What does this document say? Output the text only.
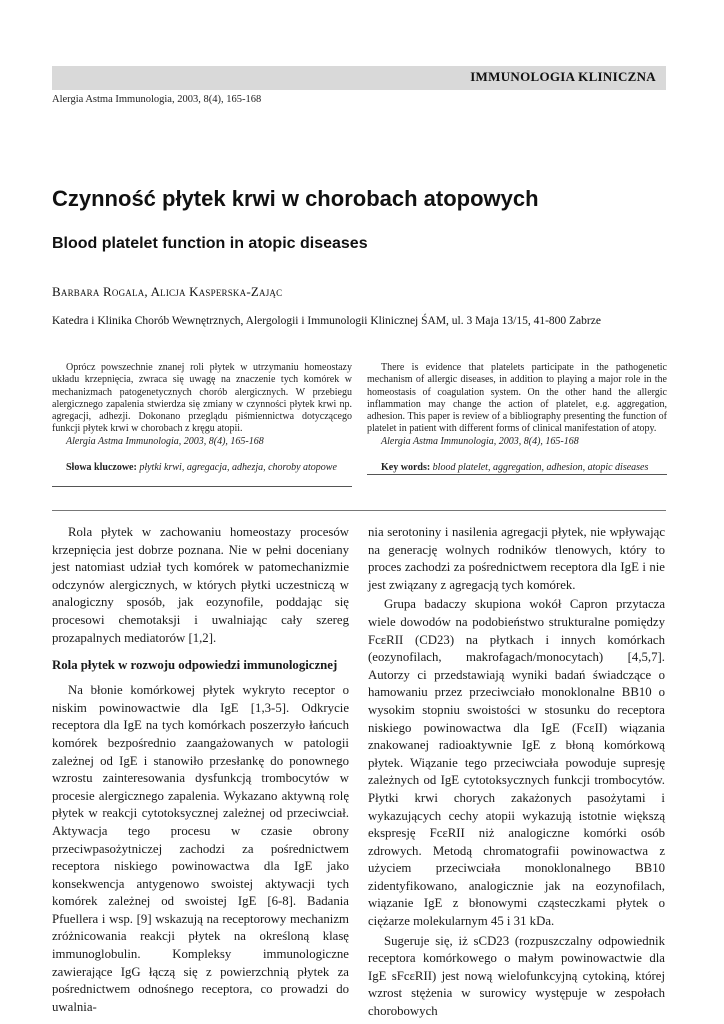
IMMUNOLOGIA KLINICZNA
Alergia Astma Immunologia, 2003, 8(4), 165-168
Czynność płytek krwi w chorobach atopowych
Blood platelet function in atopic diseases
Barbara Rogala, Alicja Kasperska-Zając
Katedra i Klinika Chorób Wewnętrznych, Alergologii i Immunologii Klinicznej ŚAM, ul. 3 Maja 13/15, 41-800 Zabrze

Oprócz powszechnie znanej roli płytek w utrzymaniu homeostazy układu krzepnięcia, zwraca się uwagę na znaczenie tych komórek w mechanizmach patogenetycznych chorób alergicznych. W przebiegu alergicznego zapalenia stwierdza się zmiany w czynności płytek krwi np. agregacji, adhezji. Dokonano przeglądu piśmiennictwa dotyczącego funkcji płytek krwi w chorobach z kręgu atopii.

Alergia Astma Immunologia, 2003, 8(4), 165-168

Słowa kluczowe: płytki krwi, agregacja, adhezja, choroby atopowe

There is evidence that platelets participate in the pathogenetic mechanism of allergic diseases, in addition to playing a major role in the homeostasis of coagulation system. On the other hand the allergic inflammation may change the action of platelet, e.g. aggregation, adhesion. This paper is review of a bibliography presenting the function of platelet in patient with different forms of clinical manifestation of atopy.

Alergia Astma Immunologia, 2003, 8(4), 165-168

Key words: blood platelet, aggregation, adhesion, atopic diseases

Rola płytek w zachowaniu homeostazy procesów krzepnięcia jest dobrze poznana. Nie w pełni doceniany jest natomiast udział tych komórek w patomechanizmie odczynów alergicznych, w których płytki uczestniczą w analogiczny sposób, jak eozynofile, poddając się procesowi chemotaksji i uwalniając cały szereg prozapalnych mediatorów [1,2].

Rola płytek w rozwoju odpowiedzi immunologicznej

Na błonie komórkowej płytek wykryto receptor o niskim powinowactwie dla IgE [1,3-5]. Odkrycie receptora dla IgE na tych komórkach poszerzyło łańcuch komórek bezpośrednio zaangażowanych w patologii zależnej od IgE i stanowiło przesłankę do ponownego wzrostu zainteresowania dysfunkcją trombocytów w procesie alergicznego zapalenia. Wykazano aktywną rolę płytek w reakcji cytotoksycznej zależnej od przeciwciał. Aktywacja tego procesu w czasie obrony przeciwpasożytniczej zachodzi za pośrednictwem receptora niskiego powinowactwa dla IgE jako konsekwencja antygenowo swoistej aktywacji tych komórek zależnej od swoistej IgE [6-8]. Badania Pfuellera i wsp. [9] wskazują na receptorowy mechanizm zróżnicowania reakcji płytek na określoną klasę immunoglobulin. Kompleksy immunologiczne zawierające IgG łączą się z powierzchnią płytek za pośrednictwem odnośnego receptora, co prowadzi do uwalnia-

nia serotoniny i nasilenia agregacji płytek, nie wpływając na generację wolnych rodników tlenowych, który to proces zachodzi za pośrednictwem receptora dla IgE i nie jest związany z agregacją tych komórek.

Grupa badaczy skupiona wokół Capron przytacza wiele dowodów na podobieństwo strukturalne pomiędzy FcεRII (CD23) na płytkach i innych komórkach (eozynofilach, makrofagach/monocytach) [4,5,7]. Autorzy ci przedstawiają wyniki badań świadczące o hamowaniu przez przeciwciało monoklonalne BB10 o wysokim stopniu swoistości w stosunku do receptora niskiego powinowactwa dla IgE (FcεII) wiązania znakowanej radioaktywnie IgE z błoną komórkową płytek. Wiązanie tego przeciwciała powoduje supresję zależnych od IgE cytotoksycznych funkcji trombocytów. Płytki krwi chorych zakażonych pasożytami i wykazujących cechy atopii wykazują istotnie większą ekspresję FcεRII niż analogiczne komórki osób zdrowych. Metodą chromatografii powinowactwa z użyciem przeciwciała monoklonalnego BB10 zidentyfikowano, analogicznie jak na eozynofilach, wiązanie IgE z błonowymi cząsteczkami płytek o ciężarze molekularnym 45 i 31 kDa.

Sugeruje się, iż sCD23 (rozpuszczalny odpowiednik receptora komórkowego o małym powinowactwie dla IgE sFcεRII) jest nową wielofunkcyjną cytokiną, której wzrost stężenia w surowicy występuje w zespołach chorobowych
